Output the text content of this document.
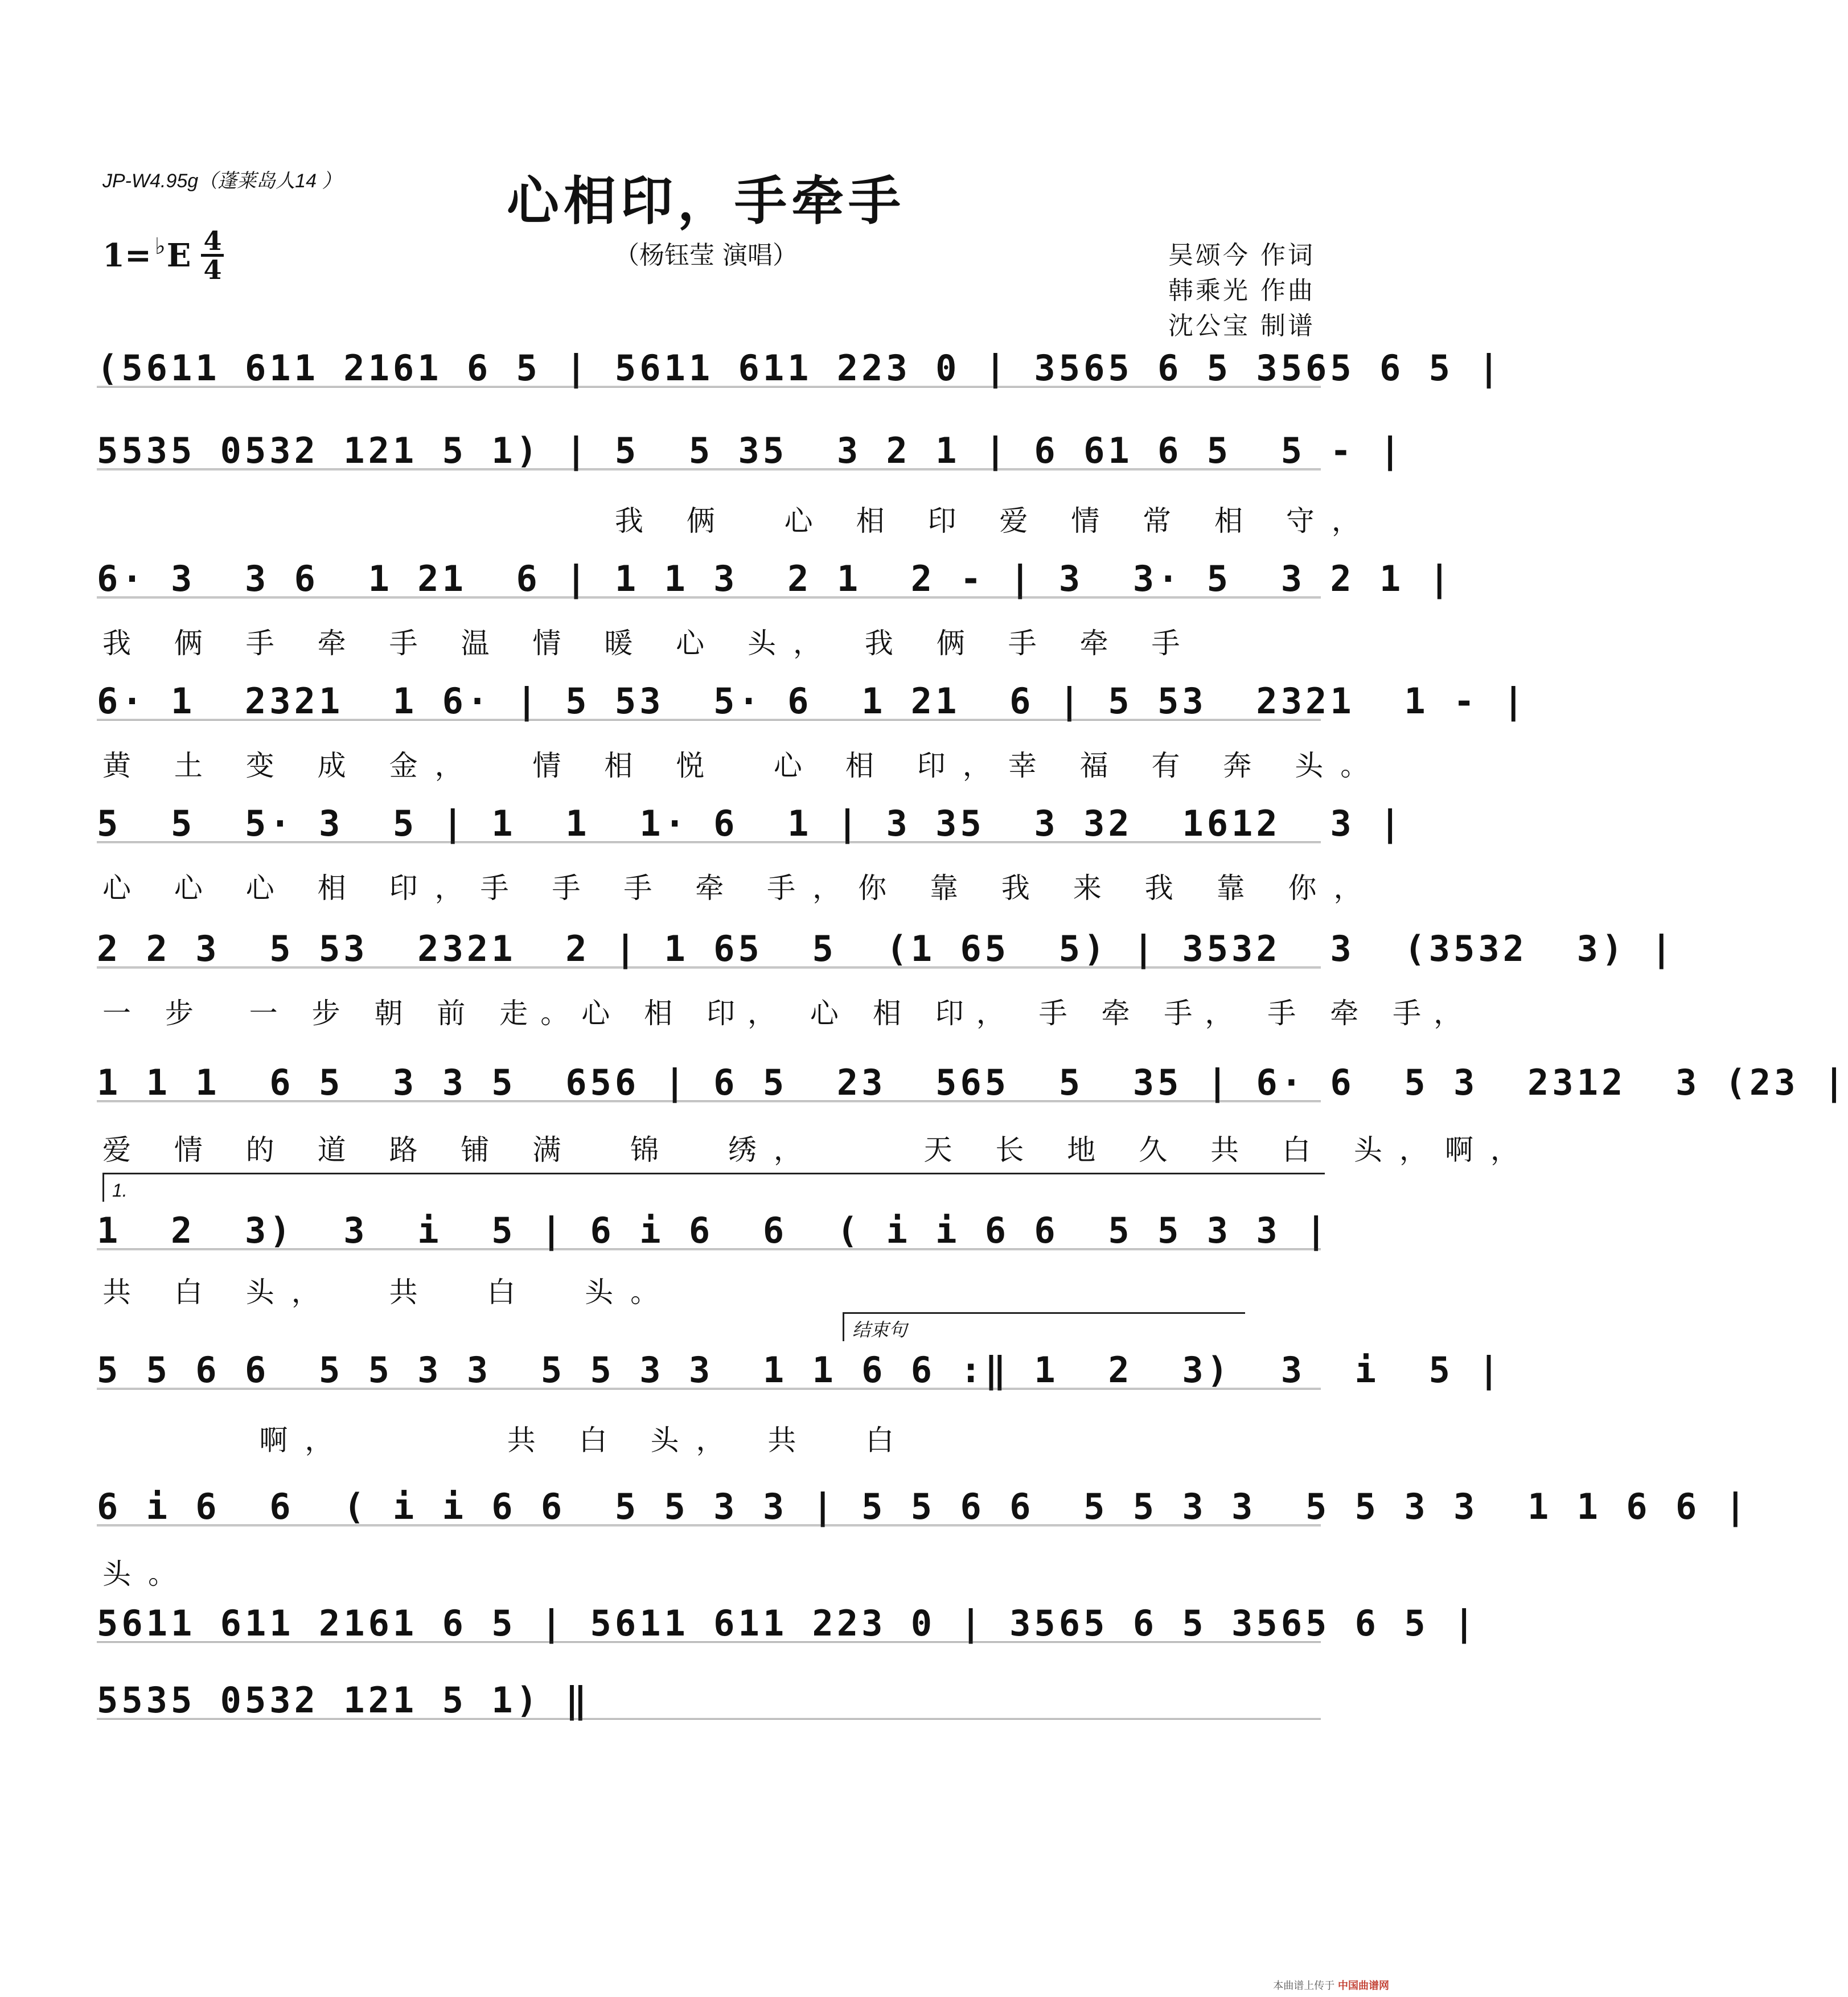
JP-W4.95g（蓬莱岛人14 ）	心相印，手牵手
（杨钰莹 演唱）
1= ♭ E 4
4	吴颂今 作词
韩乘光 作曲
沈公宝 制谱
(5611 611 2161 6 5 | 5611 611 223 0 | 3565 6 5 3565 6 5 |
5535 0532 121 5 1) | 5  5 35  3 2 1 | 6 61 6 5  5 - |
我 俩  心 相 印 爱 情 常 相 守，
6· 3  3 6  1 21  6 | 1 1 3  2 1  2 - | 3  3· 5  3 2 1 |
我 俩 手 牵 手 温 情 暖 心 头， 我 俩 手 牵 手
6· 1  2321  1 6· | 5 53  5· 6  1 21  6 | 5 53  2321  1 - |
黄 土 变 成 金，  情 相 悦  心 相 印，幸 福 有 奔 头。
5  5  5· 3  5 | 1  1  1· 6  1 | 3 35  3 32  1612  3 |
心 心 心 相 印，手 手 手 牵 手，你 靠 我 来 我 靠 你，
2 2 3  5 53  2321  2 | 1 65  5  (1 65  5) | 3532  3  (3532  3) |
一 步  一 步 朝 前 走。心 相 印， 心 相 印， 手 牵 手， 手 牵 手，
1 1 1  6 5  3 3 5  656 | 6 5  23  565  5  35 | 6· 6  5 3  2312  3 (23 |
爱 情 的 道 路 铺 满  锦  绣，    天 长 地 久 共 白 头，啊，
1.
1  2  3)  3  i  5 | 6 i 6  6  ( i i 6 6  5 5 3 3 |
共 白 头，  共  白  头。
结束句
5 5 6 6  5 5 3 3  5 5 3 3  1 1 6 6 :‖ 1  2  3)  3  i  5 |
啊，      共 白 头， 共  白
6 i 6  6  ( i i 6 6  5 5 3 3 | 5 5 6 6  5 5 3 3  5 5 3 3  1 1 6 6 |
头。
5611 611 2161 6 5 | 5611 611 223 0 | 3565 6 5 3565 6 5 |
5535 0532 121 5 1) ‖
本曲谱上传于 中国曲谱网
